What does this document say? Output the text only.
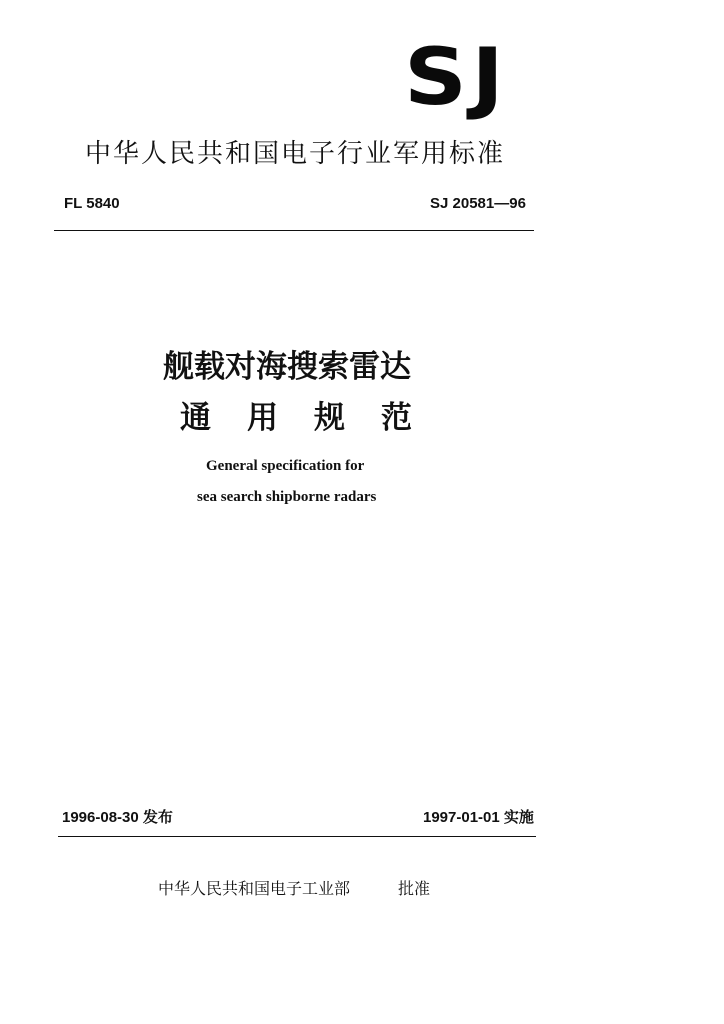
SJ
中华人民共和国电子行业军用标准
FL 5840	SJ 20581—96
舰载对海搜索雷达
通用规范
General specification for
sea search shipborne radars
1996-08-30 发布	1997-01-01 实施
中华人民共和国电子工业部	批准
